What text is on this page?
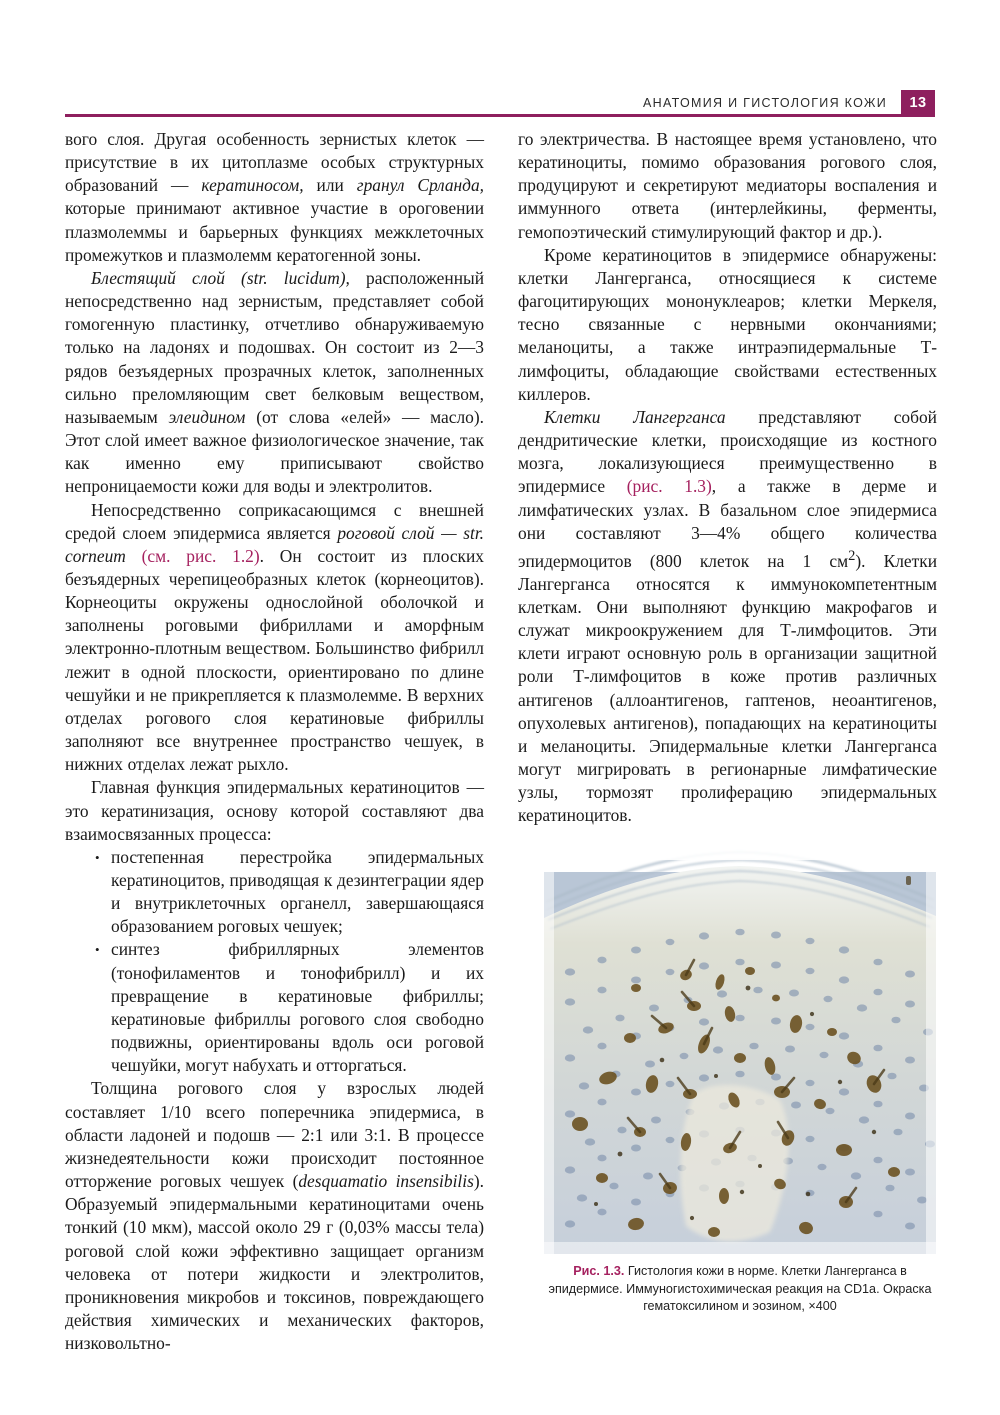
АНАТОМИЯ И ГИСТОЛОГИЯ КОЖИ	13

вого слоя. Другая особенность зернистых клеток — присутствие в их цитоплазме особых структурных образований — кератиносом, или гранул Срланда, которые принимают активное участие в ороговении плазмолеммы и барьерных функциях межклеточных промежутков и плазмолемм кератогенной зоны.

Блестящий слой (str. lucidum), расположенный непосредственно над зернистым, представляет собой гомогенную пластинку, отчетливо обнаруживаемую только на ладонях и подошвах. Он состоит из 2—3 рядов безъядерных прозрачных клеток, заполненных сильно преломляющим свет белковым веществом, называемым элеидином (от слова «елей» — масло). Этот слой имеет важное физиологическое значение, так как именно ему приписывают свойство непроницаемости кожи для воды и электролитов.

Непосредственно соприкасающимся с внешней средой слоем эпидермиса является роговой слой — str. corneum (см. рис. 1.2). Он состоит из плоских безъядерных черепицеобразных клеток (корнеоцитов). Корнеоциты окружены однослойной оболочкой и заполнены роговыми фибриллами и аморфным электронно-плотным веществом. Большинство фибрилл лежит в одной плоскости, ориентировано по длине чешуйки и не прикрепляется к плазмолемме. В верхних отделах рогового слоя кератиновые фибриллы заполняют все внутреннее пространство чешуек, в нижних отделах лежат рыхло.

Главная функция эпидермальных кератиноцитов — это кератинизация, основу которой составляют два взаимосвязанных процесса:

• постепенная перестройка эпидермальных кератиноцитов, приводящая к дезинтеграции ядер и внутриклеточных органелл, завершающаяся образованием роговых чешуек;
• синтез фибриллярных элементов (тонофиламентов и тонофибрилл) и их превращение в кератиновые фибриллы; кератиновые фибриллы рогового слоя свободно подвижны, ориентированы вдоль оси роговой чешуйки, могут набухать и отторгаться.

Толщина рогового слоя у взрослых людей составляет 1/10 всего поперечника эпидермиса, в области ладоней и подошв — 2:1 или 3:1. В процессе жизнедеятельности кожи происходит постоянное отторжение роговых чешуек (desquamatio insensibilis). Образуемый эпидермальными кератиноцитами очень тонкий (10 мкм), массой около 29 г (0,03% массы тела) роговой слой кожи эффективно защищает организм человека от потери жидкости и электролитов, проникновения микробов и токсинов, повреждающего действия химических и механических факторов, низковольтно-

го электричества. В настоящее время установлено, что кератиноциты, помимо образования рогового слоя, продуцируют и секретируют медиаторы воспаления и иммунного ответа (интерлейкины, ферменты, гемопоэтический стимулирующий фактор и др.).

Кроме кератиноцитов в эпидермисе обнаружены: клетки Лангерганса, относящиеся к системе фагоцитирующих мононуклеаров; клетки Меркеля, тесно связанные с нервными окончаниями; меланоциты, а также интраэпидермальные Т-лимфоциты, обладающие свойствами естественных киллеров.

Клетки Лангерганса представляют собой дендритические клетки, происходящие из костного мозга, локализующиеся преимущественно в эпидермисе (рис. 1.3), а также в дерме и лимфатических узлах. В базальном слое эпидермиса они составляют 3—4% общего количества эпидермоцитов (800 клеток на 1 $см^2$). Клетки Лангерганса относятся к иммунокомпетентным клеткам. Они выполняют функцию макрофагов и служат микроокружением для Т-лимфоцитов. Эти клети играют основную роль в организации защитной роли Т-лимфоцитов в коже против различных антигенов (аллоантигенов, гаптенов, неоантигенов, опухолевых антигенов), попадающих на кератиноциты и меланоциты. Эпидермальные клетки Лангерганса могут мигрировать в регионарные лимфатические узлы, тормозят пролиферацию эпидермальных кератиноцитов.

Рис. 1.3. Гистология кожи в норме. Клетки Лангерганса в эпидермисе. Иммуногистохимическая реакция на CD1a. Окраска гематоксилином и эозином, ×400
